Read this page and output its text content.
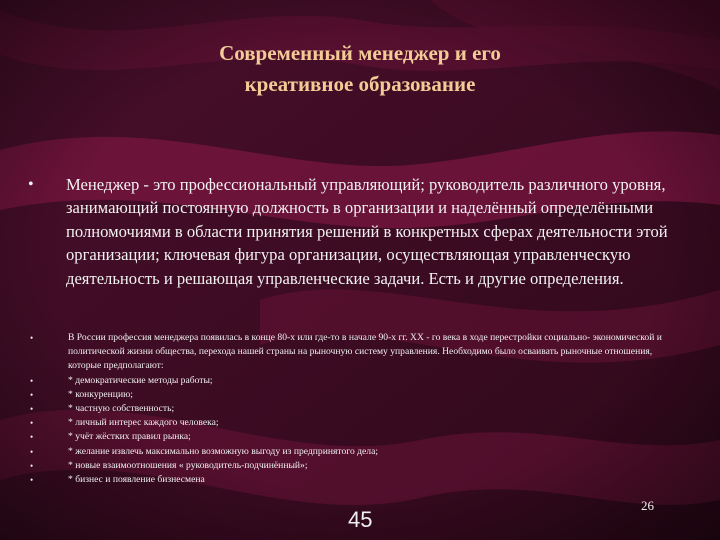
Современный менеджер и его
креативное образование
• Менеджер - это профессиональный управляющий; руководитель различного уровня, занимающий постоянную должность в организации и наделённый определёнными полномочиями в области принятия решений в конкретных сферах деятельности этой организации; ключевая фигура организации, осуществляющая управленческую деятельность и решающая управленческие задачи. Есть и другие определения.
•	В России профессия менеджера появилась в конце 80-х или где-то в начале 90-х гг. XX - го века в ходе перестройки социально- экономической и политической жизни общества, перехода нашей страны на рыночную систему управления. Необходимо было осваивать рыночные отношения, которые предполагают:
•	* демократические методы работы;
•	* конкуренцию;
•	* частную собственность;
•	* личный интерес каждого человека;
•	* учёт жёстких правил рынка;
•	* желание извлечь максимально возможную выгоду из предпринятого дела;
•	* новые взаимоотношения « руководитель-подчинённый»;
•	* бизнес и появление бизнесмена
45
26
